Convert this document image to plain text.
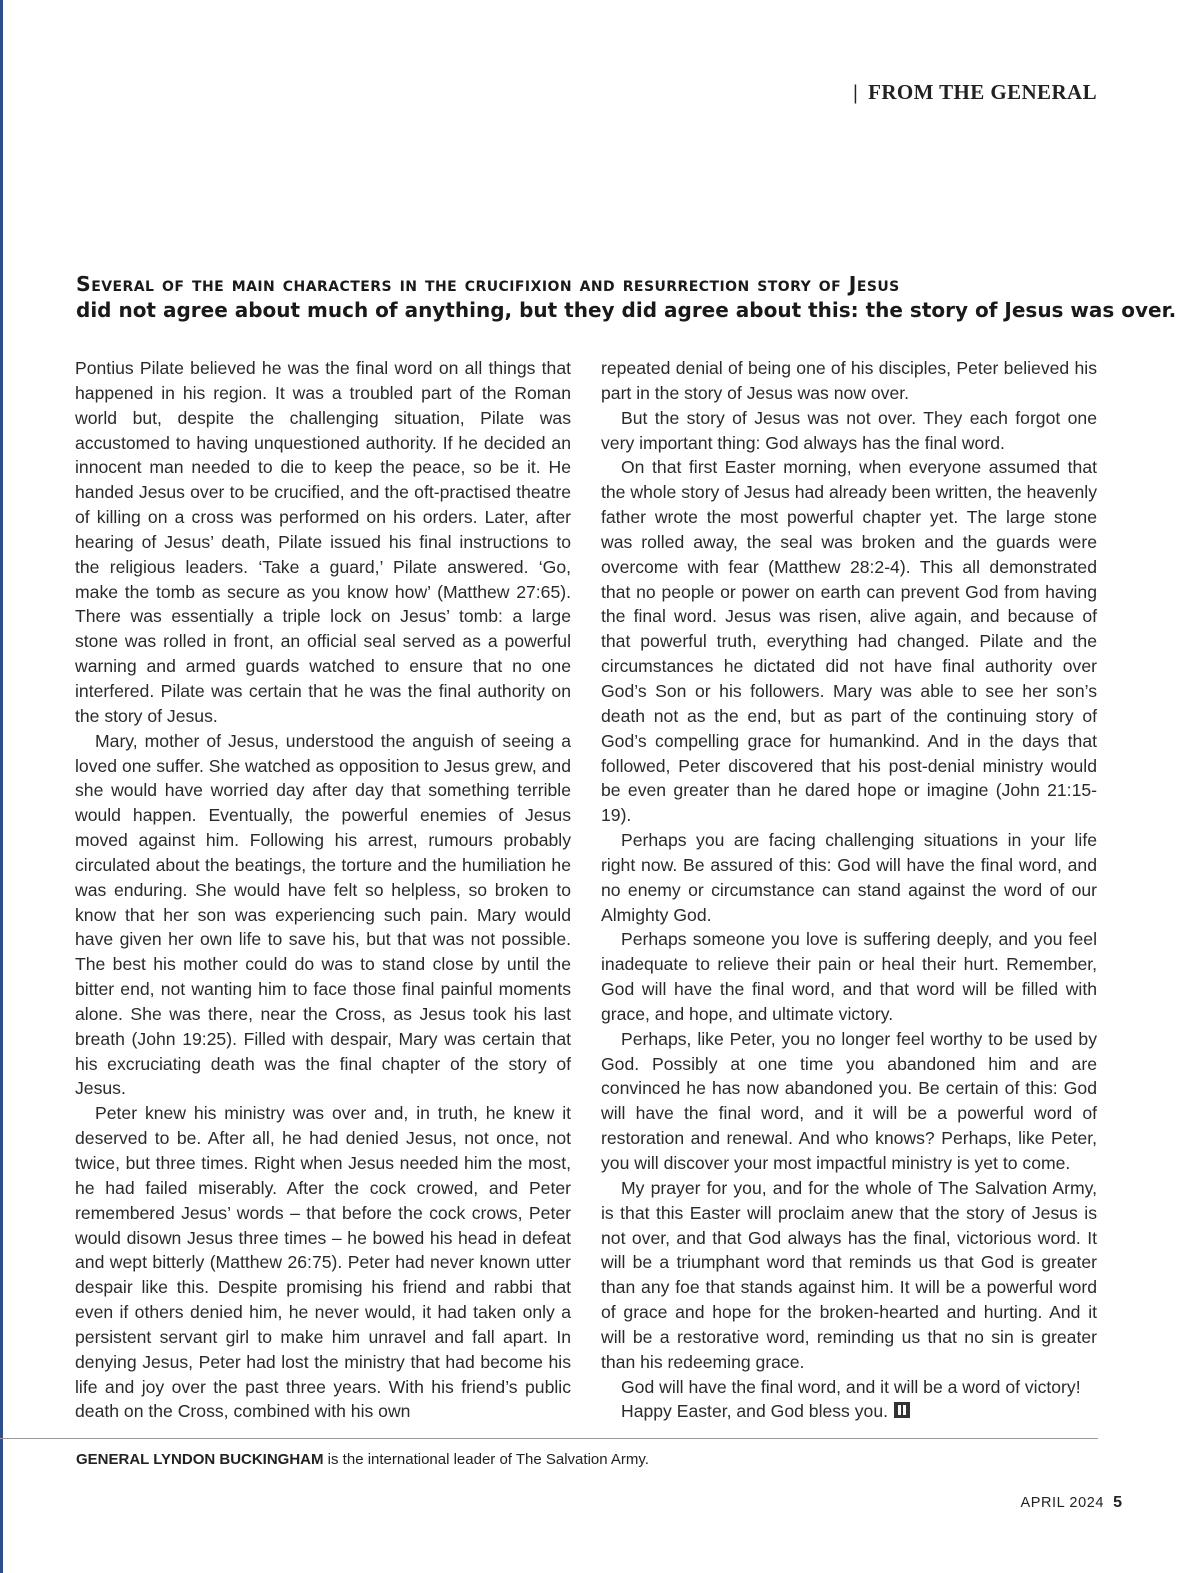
| FROM THE GENERAL
Several of the main characters in the crucifixion and resurrection story of Jesus
did not agree about much of anything, but they did agree about this: the story of Jesus was over.

Pontius Pilate believed he was the final word on all things that happened in his region. It was a troubled part of the Roman world but, despite the challenging situation, Pilate was accustomed to having unquestioned authority. If he decided an innocent man needed to die to keep the peace, so be it. He handed Jesus over to be crucified, and the oft-practised theatre of killing on a cross was performed on his orders. Later, after hearing of Jesus’ death, Pilate issued his final instructions to the religious leaders. ‘Take a guard,’ Pilate answered. ‘Go, make the tomb as secure as you know how’ (Matthew 27:65). There was essentially a triple lock on Jesus’ tomb: a large stone was rolled in front, an official seal served as a powerful warning and armed guards watched to ensure that no one interfered. Pilate was certain that he was the final authority on the story of Jesus.

Mary, mother of Jesus, understood the anguish of seeing a loved one suffer. She watched as opposition to Jesus grew, and she would have worried day after day that something terrible would happen. Eventually, the powerful enemies of Jesus moved against him. Following his arrest, rumours probably circulated about the beatings, the torture and the humiliation he was enduring. She would have felt so helpless, so broken to know that her son was experiencing such pain. Mary would have given her own life to save his, but that was not possible. The best his mother could do was to stand close by until the bitter end, not wanting him to face those final painful moments alone. She was there, near the Cross, as Jesus took his last breath (John 19:25). Filled with despair, Mary was certain that his excruciating death was the final chapter of the story of Jesus.

Peter knew his ministry was over and, in truth, he knew it deserved to be. After all, he had denied Jesus, not once, not twice, but three times. Right when Jesus needed him the most, he had failed miserably. After the cock crowed, and Peter remembered Jesus’ words – that before the cock crows, Peter would disown Jesus three times – he bowed his head in defeat and wept bitterly (Matthew 26:75). Peter had never known utter despair like this. Despite promising his friend and rabbi that even if others denied him, he never would, it had taken only a persistent servant girl to make him unravel and fall apart. In denying Jesus, Peter had lost the ministry that had become his life and joy over the past three years. With his friend’s public death on the Cross, combined with his own

repeated denial of being one of his disciples, Peter believed his part in the story of Jesus was now over.

But the story of Jesus was not over. They each forgot one very important thing: God always has the final word.

On that first Easter morning, when everyone assumed that the whole story of Jesus had already been written, the heavenly father wrote the most powerful chapter yet. The large stone was rolled away, the seal was broken and the guards were overcome with fear (Matthew 28:2-4). This all demonstrated that no people or power on earth can prevent God from having the final word. Jesus was risen, alive again, and because of that powerful truth, everything had changed. Pilate and the circumstances he dictated did not have final authority over God’s Son or his followers. Mary was able to see her son’s death not as the end, but as part of the continuing story of God’s compelling grace for humankind. And in the days that followed, Peter discovered that his post-denial ministry would be even greater than he dared hope or imagine (John 21:15-19).

Perhaps you are facing challenging situations in your life right now. Be assured of this: God will have the final word, and no enemy or circumstance can stand against the word of our Almighty God.

Perhaps someone you love is suffering deeply, and you feel inadequate to relieve their pain or heal their hurt. Remember, God will have the final word, and that word will be filled with grace, and hope, and ultimate victory.

Perhaps, like Peter, you no longer feel worthy to be used by God. Possibly at one time you abandoned him and are convinced he has now abandoned you. Be certain of this: God will have the final word, and it will be a powerful word of restoration and renewal. And who knows? Perhaps, like Peter, you will discover your most impactful ministry is yet to come.

My prayer for you, and for the whole of The Salvation Army, is that this Easter will proclaim anew that the story of Jesus is not over, and that God always has the final, victorious word. It will be a triumphant word that reminds us that God is greater than any foe that stands against him. It will be a powerful word of grace and hope for the broken-hearted and hurting. And it will be a restorative word, reminding us that no sin is greater than his redeeming grace.

God will have the final word, and it will be a word of victory!

Happy Easter, and God bless you.

GENERAL LYNDON BUCKINGHAM is the international leader of The Salvation Army.
APRIL 2024 5
